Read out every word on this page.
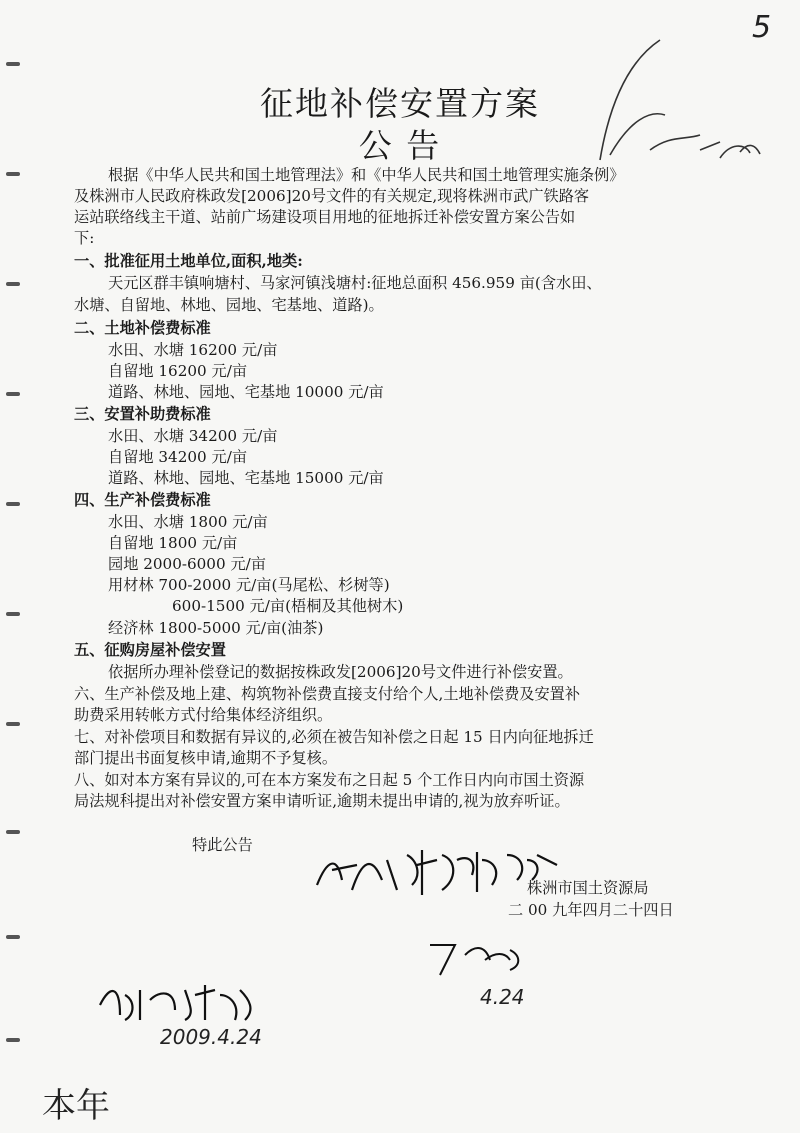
5
征地补偿安置方案
公 告
根据《中华人民共和国土地管理法》和《中华人民共和国土地管理实施条例》
及株洲市人民政府株政发[2006]20号文件的有关规定,现将株洲市武广铁路客
运站联络线主干道、站前广场建设项目用地的征地拆迁补偿安置方案公告如
下:
一、批准征用土地单位,面积,地类:
天元区群丰镇响塘村、马家河镇浅塘村:征地总面积 456.959 亩(含水田、
水塘、自留地、林地、园地、宅基地、道路)。
二、土地补偿费标准
水田、水塘 16200 元/亩
自留地 16200 元/亩
道路、林地、园地、宅基地 10000 元/亩
三、安置补助费标准
水田、水塘 34200 元/亩
自留地 34200 元/亩
道路、林地、园地、宅基地 15000 元/亩
四、生产补偿费标准
水田、水塘 1800 元/亩
自留地 1800 元/亩
园地 2000-6000 元/亩
用材林 700-2000 元/亩(马尾松、杉树等)
600-1500 元/亩(梧桐及其他树木)
经济林 1800-5000 元/亩(油茶)
五、征购房屋补偿安置
依据所办理补偿登记的数据按株政发[2006]20号文件进行补偿安置。
六、生产补偿及地上建、构筑物补偿费直接支付给个人,土地补偿费及安置补
助费采用转帐方式付给集体经济组织。
七、对补偿项目和数据有异议的,必须在被告知补偿之日起 15 日内向征地拆迁
部门提出书面复核申请,逾期不予复核。
八、如对本方案有异议的,可在本方案发布之日起 5 个工作日内向市国土资源
局法规科提出对补偿安置方案申请听证,逾期未提出申请的,视为放弃听证。
特此公告
株洲市国土资源局
二 00 九年四月二十四日
4.24
2009.4.24
本年
